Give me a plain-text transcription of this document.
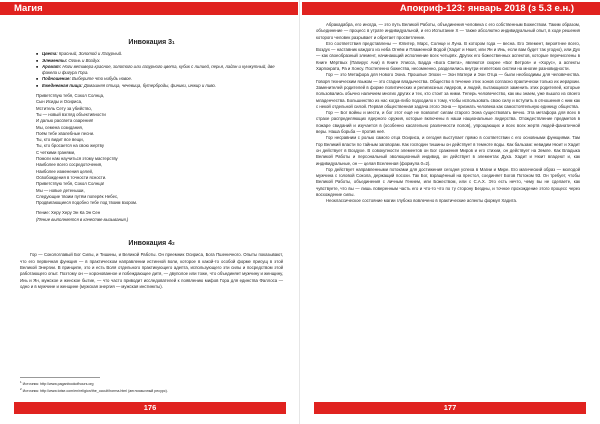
Магия
Инвокация $3^1$
■ Цвета: Красный, Золотой и Лазурный.
■ Элементы: Огонь и Воздух.
■ Аромат: Ноги ветивера красное, золотого или лазурного цвета, кубик с лилией, перья, ладан и кунжутный, две факела и фигура Гора.
■ Подношение: Выберите что нибудь новое.
■ Ежедневная пища: Домашняя птица, чечевица, бутерброды, финики, инжир и пиво.
Приветствую тебя, Сокол Солнца,
Сын Исиды и Осириса,
Мститель Сету за убийство,
Ты — новый взгляд объективности
И далью рассвета озарения!
Мы, семена созидания,
Поём тебе хвалебные песни.
Ты, кто видит все вещи,
Ты, кто бросается на свою жертву
С четкими гранями,
Помоги нам научиться этому мастерству
Наиболее всего сосредоточения,
Наиболее изменения целей,
Освобождения в точности ясности.
Приветствую тебя, Сокол Солнца!
Мы — новые детеныши,
Следующие твоим путём поперёк Небес,
Продвигающиеся подобно тебе под твоим взором.
Пение: Херу Херу Эн Ка Эн Сен
(Пение выполняется в качестве вызывания.)
Инвокация $4^2$

Гор — Сокологлавый Бог Силы, и Тишины, и Великой Работы. Он преемник Осириса, Бога Пшеничного. Опыты показывают, что его первичная функция — в практическом направлении истинной воли, которое в какой-то особой форме присущ в этой Великой Энергии. В принципе, это и есть Воля отдельного практикующего адепта, использующего эти силы и посредством этой работающего опыт. Поэтому он — коронованное и побеждающее дитя, — двуполое или тоже, что объединяет мужчину и женщину, Инь и Ян, мужское и женское бытие, — что часто приводит исследователей к появлению мифов Гора для единства Фаллоса — одно и в мужчине и женщине (мужская энергия — мужская инстинкты).

$^1$ Источник: http://www.paganbookofhours.org
$^2$ Источник: http://www.totse.com/en/religion/the_occult/horma.html (англоязычный ресурс).
176
Апокриф-123: январь 2018 (з 5.3 е.н.)

Абракадабра, его иногда, — это путь Великой Работы, объединения человека с его собственным Божеством. Таким образом, объединение — процесс в утрате индивидуальной, и его Испытание X — также абсолютно индивидуальный опыт, в ходе решения которого человек разрывает и обретает просветление.

Его соответствия представлены — Юпитер, Марс, Солнце и Луна. В котором года — весна. Его Элемент, вероятнее всего, Воздух — наставник каждого из неба Огнём и Пламенной Водой (Хадит и Нюит, или Ян и Инь, если вам будет так угодно), или Дух — как своеобразный элемент, начинающий исполнение всех четырёх. Других его божественных аспектов, которые перечислены в Книге Мёртвых (Папирус Ани) в Книге Улисса, Бадда «Бога Света», являются скорее «Бог Ветров» и «Хорус», а аспекты Харпократа, Ра и Хонсу. Постепенно божества, несомненно, разделились внутри египетских систем на многие разновидности.

Гор — это Метафора для Нового Эона. Прошлые Эпохи — Эон Матери и Эон Отца — были необходимы для человечества. Говоря техническим языком — это стадии владычества. Общество в течение этих эонов согласно практически только их иерархии. Заменителей родителей в форме политических и религиозных лидеров, и людей, пытающихся заменить этих родителей, которые пользовались обычно наличием многих других и тех, кто стоит за ними. Теперь человечество, как мы знаем, уже вышло из своего младенчества. Большинство из нас когда-либо подходило к тому, чтобы использовать свою силу и вступить в отношения с ним как с некой отдельной силой. Первая общественная задача этого Эона — признать человека как самостоятельную единицу общества.

Гор — Бог войны и мести, и бог этот ещё не позволит силам старого Эона существовать вечно. Эта метафора для всех в страхе распределяющих ядерного оружия, которые включены в наши национальные лидерства. Отождествление предметов в пожаре свиданий и изучается в (особенно касательно различности полов), упрощающих и всех всех жертв людей-фанатичной веры. Наша борьба — против неё.

Гор несравним с ролью самого отца Осириса, и сегодня выступает прямо в соответствии с его основными функциями. Там Гор Великий власти по тайным заговорам. Как господин тишины он действует в темноте воды. Как бальзам: невидим Нюит и Хадит он действует в Воздухе. В совокупности элементов он Бог сражения Миров и его стихии, он действует на Земле. Как Владыка Великой Работы и персональный эволюционный индивид, он действует в элементах Духа. Хадит и Нюит владеют и, как индивидуальные, он — целая Вселенная (формула 0=2).

Гор действует направленными потоками для достижения сегодня успеха в Магии и Мире. Его магический образ — молодой мужчина с головой Сокола, держащий посохи. Так Бог, взращённый на престол, соединяет Богов Потоком 93. Он требует, чтобы Великой Работы, объединения с личным Гением, или Божеством, или с С.А.Х. Это есть нечто, чему вы не сделаете, как чувствуете, что вы — лишь поверенным часть его и что-то что по ту сторону Бездны, и точное прохождение этого процесс через восхождение силы.

Неоклассическое состояние магии глубоко вовлечено в практические аспекты формул Хадита.

177
